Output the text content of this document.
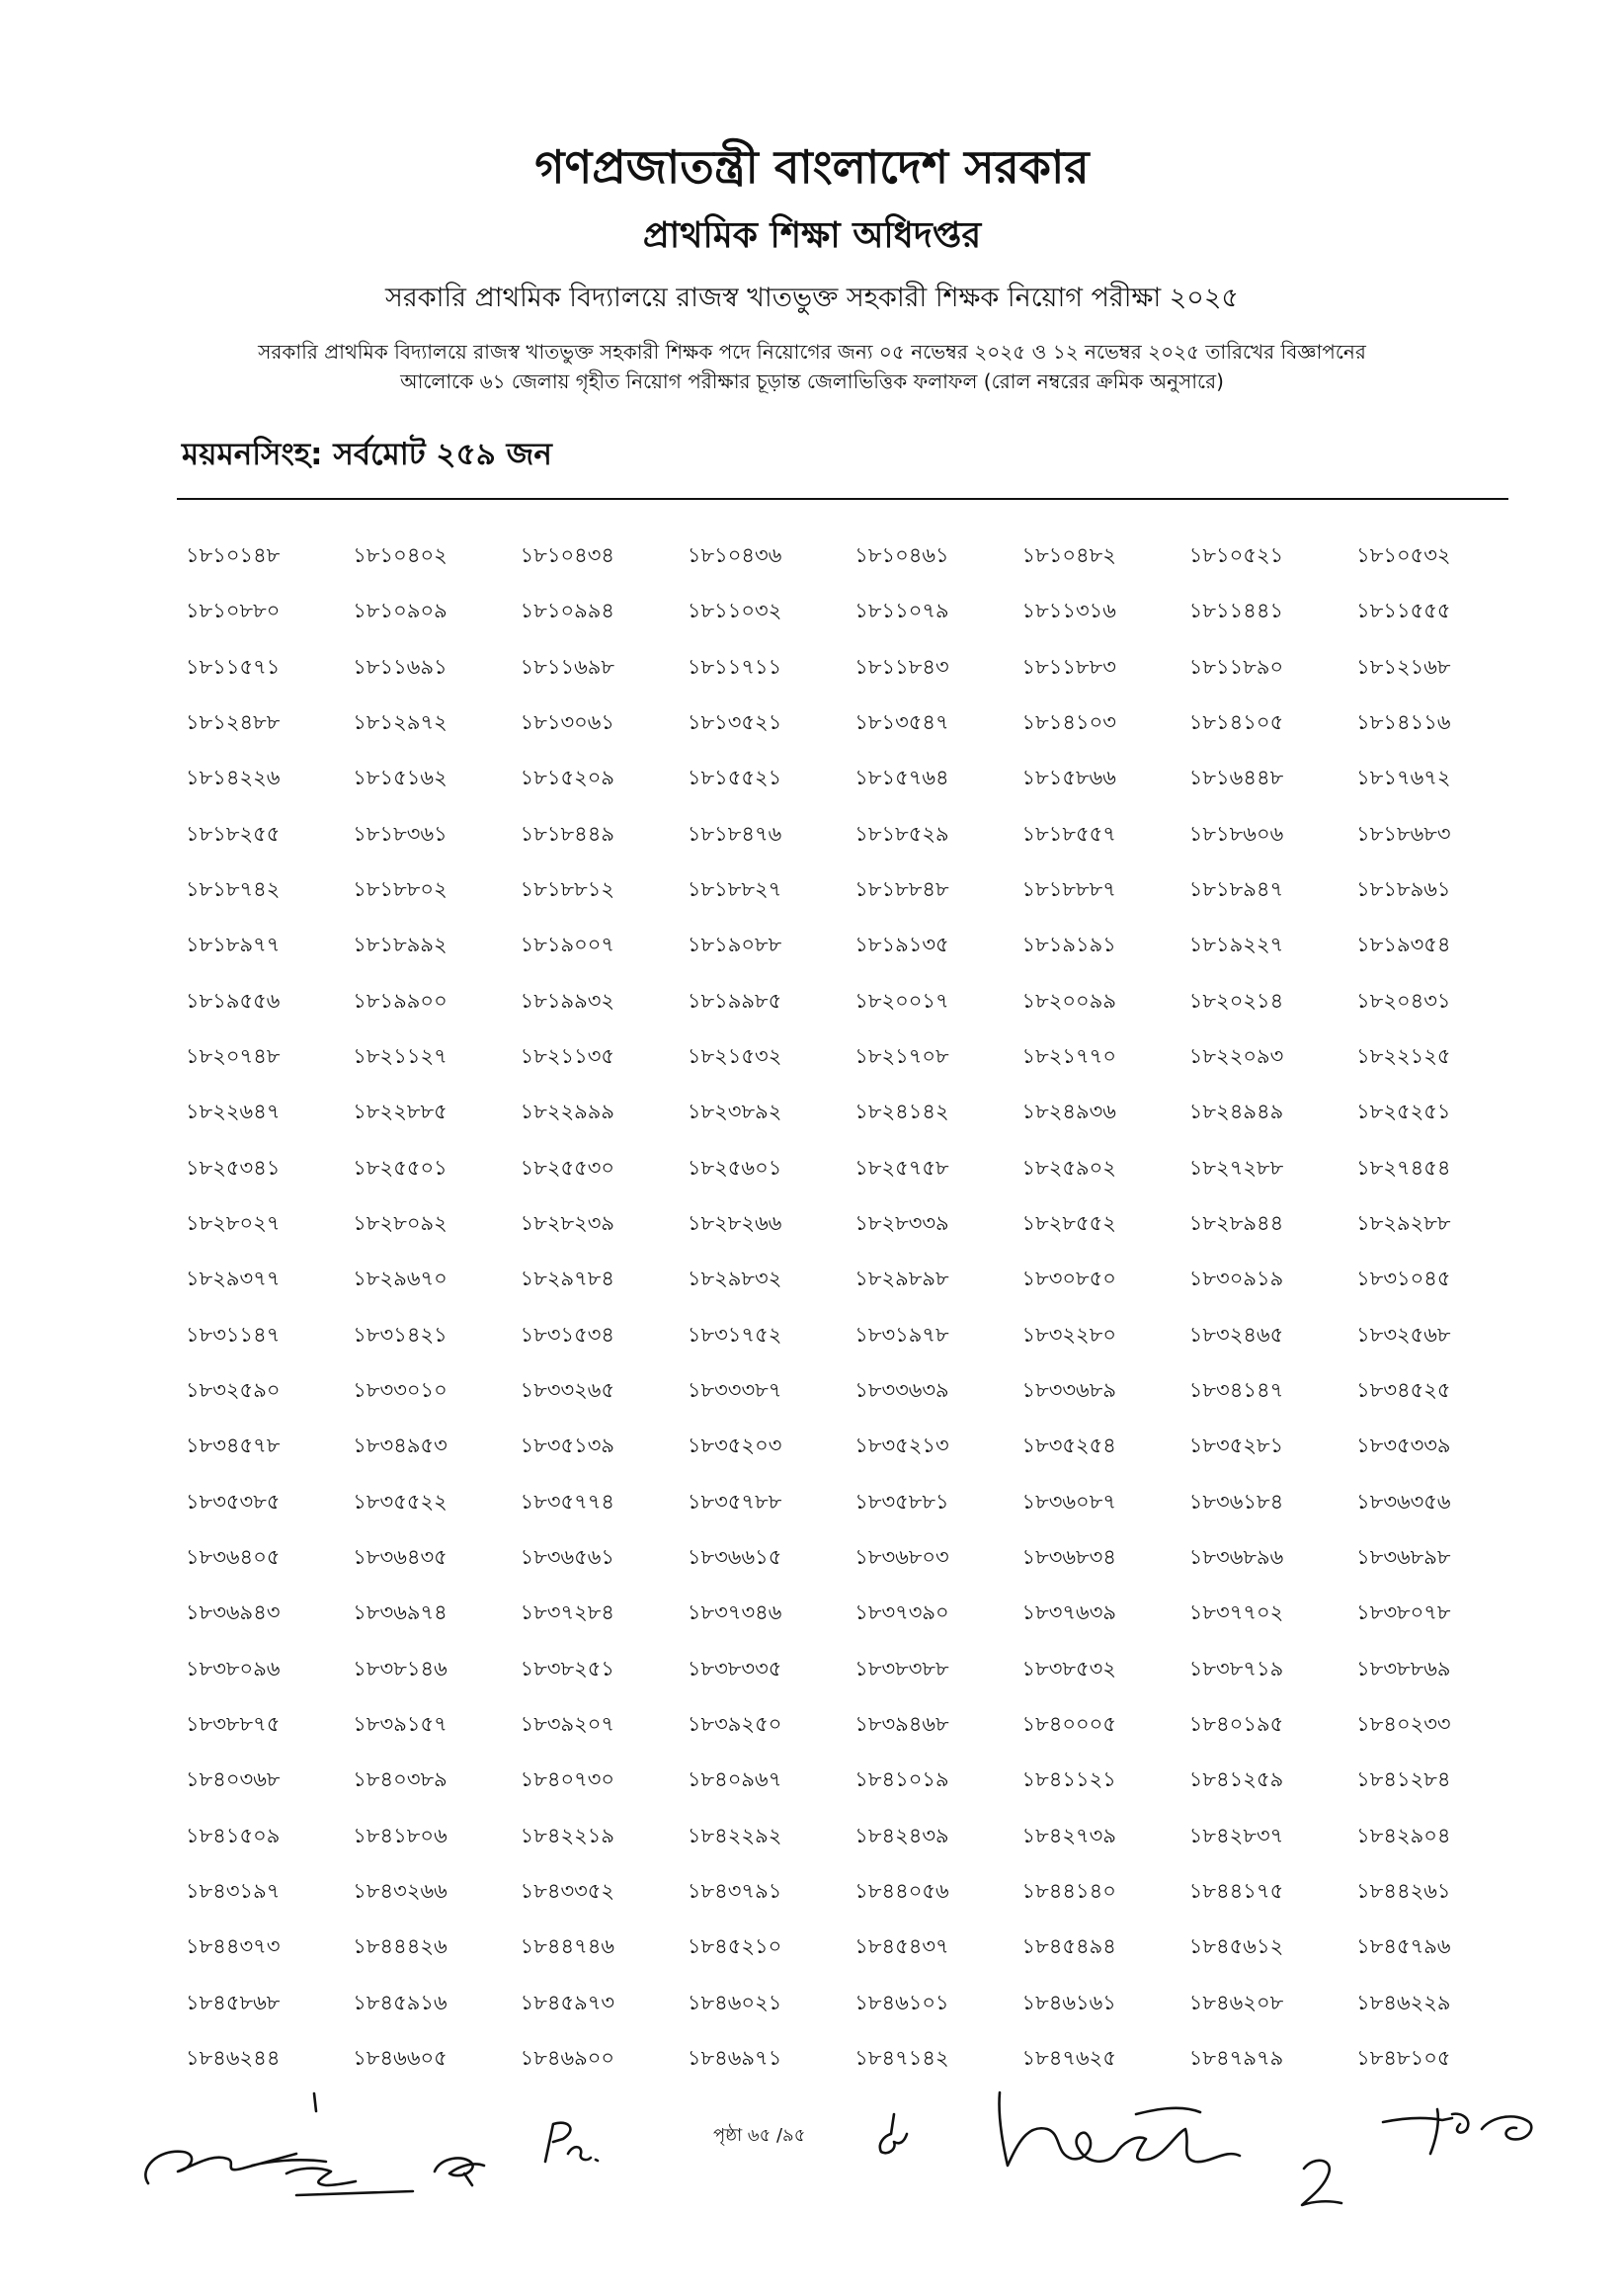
গণপ্রজাতন্ত্রী বাংলাদেশ সরকার
প্রাথমিক শিক্ষা অধিদপ্তর
সরকারি প্রাথমিক বিদ্যালয়ে রাজস্ব খাতভুক্ত সহকারী শিক্ষক নিয়োগ পরীক্ষা ২০২৫
সরকারি প্রাথমিক বিদ্যালয়ে রাজস্ব খাতভুক্ত সহকারী শিক্ষক পদে নিয়োগের জন্য ০৫ নভেম্বর ২০২৫ ও ১২ নভেম্বর ২০২৫ তারিখের বিজ্ঞাপনের
আলোকে ৬১ জেলায় গৃহীত নিয়োগ পরীক্ষার চূড়ান্ত জেলাভিত্তিক ফলাফল (রোল নম্বরের ক্রমিক অনুসারে)
ময়মনসিংহ: সর্বমোট ২৫৯ জন
১৮১০১৪৮	১৮১০৪০২	১৮১০৪৩৪	১৮১০৪৩৬	১৮১০৪৬১	১৮১০৪৮২	১৮১০৫২১	১৮১০৫৩২
১৮১০৮৮০	১৮১০৯০৯	১৮১০৯৯৪	১৮১১০৩২	১৮১১০৭৯	১৮১১৩১৬	১৮১১৪৪১	১৮১১৫৫৫
১৮১১৫৭১	১৮১১৬৯১	১৮১১৬৯৮	১৮১১৭১১	১৮১১৮৪৩	১৮১১৮৮৩	১৮১১৮৯০	১৮১২১৬৮
১৮১২৪৮৮	১৮১২৯৭২	১৮১৩০৬১	১৮১৩৫২১	১৮১৩৫৪৭	১৮১৪১০৩	১৮১৪১০৫	১৮১৪১১৬
১৮১৪২২৬	১৮১৫১৬২	১৮১৫২০৯	১৮১৫৫২১	১৮১৫৭৬৪	১৮১৫৮৬৬	১৮১৬৪৪৮	১৮১৭৬৭২
১৮১৮২৫৫	১৮১৮৩৬১	১৮১৮৪৪৯	১৮১৮৪৭৬	১৮১৮৫২৯	১৮১৮৫৫৭	১৮১৮৬০৬	১৮১৮৬৮৩
১৮১৮৭৪২	১৮১৮৮০২	১৮১৮৮১২	১৮১৮৮২৭	১৮১৮৮৪৮	১৮১৮৮৮৭	১৮১৮৯৪৭	১৮১৮৯৬১
১৮১৮৯৭৭	১৮১৮৯৯২	১৮১৯০০৭	১৮১৯০৮৮	১৮১৯১৩৫	১৮১৯১৯১	১৮১৯২২৭	১৮১৯৩৫৪
১৮১৯৫৫৬	১৮১৯৯০০	১৮১৯৯৩২	১৮১৯৯৮৫	১৮২০০১৭	১৮২০০৯৯	১৮২০২১৪	১৮২০৪৩১
১৮২০৭৪৮	১৮২১১২৭	১৮২১১৩৫	১৮২১৫৩২	১৮২১৭০৮	১৮২১৭৭০	১৮২২০৯৩	১৮২২১২৫
১৮২২৬৪৭	১৮২২৮৮৫	১৮২২৯৯৯	১৮২৩৮৯২	১৮২৪১৪২	১৮২৪৯৩৬	১৮২৪৯৪৯	১৮২৫২৫১
১৮২৫৩৪১	১৮২৫৫০১	১৮২৫৫৩০	১৮২৫৬০১	১৮২৫৭৫৮	১৮২৫৯০২	১৮২৭২৮৮	১৮২৭৪৫৪
১৮২৮০২৭	১৮২৮০৯২	১৮২৮২৩৯	১৮২৮২৬৬	১৮২৮৩৩৯	১৮২৮৫৫২	১৮২৮৯৪৪	১৮২৯২৮৮
১৮২৯৩৭৭	১৮২৯৬৭০	১৮২৯৭৮৪	১৮২৯৮৩২	১৮২৯৮৯৮	১৮৩০৮৫০	১৮৩০৯১৯	১৮৩১০৪৫
১৮৩১১৪৭	১৮৩১৪২১	১৮৩১৫৩৪	১৮৩১৭৫২	১৮৩১৯৭৮	১৮৩২২৮০	১৮৩২৪৬৫	১৮৩২৫৬৮
১৮৩২৫৯০	১৮৩৩০১০	১৮৩৩২৬৫	১৮৩৩৩৮৭	১৮৩৩৬৩৯	১৮৩৩৬৮৯	১৮৩৪১৪৭	১৮৩৪৫২৫
১৮৩৪৫৭৮	১৮৩৪৯৫৩	১৮৩৫১৩৯	১৮৩৫২০৩	১৮৩৫২১৩	১৮৩৫২৫৪	১৮৩৫২৮১	১৮৩৫৩৩৯
১৮৩৫৩৮৫	১৮৩৫৫২২	১৮৩৫৭৭৪	১৮৩৫৭৮৮	১৮৩৫৮৮১	১৮৩৬০৮৭	১৮৩৬১৮৪	১৮৩৬৩৫৬
১৮৩৬৪০৫	১৮৩৬৪৩৫	১৮৩৬৫৬১	১৮৩৬৬১৫	১৮৩৬৮০৩	১৮৩৬৮৩৪	১৮৩৬৮৯৬	১৮৩৬৮৯৮
১৮৩৬৯৪৩	১৮৩৬৯৭৪	১৮৩৭২৮৪	১৮৩৭৩৪৬	১৮৩৭৩৯০	১৮৩৭৬৩৯	১৮৩৭৭০২	১৮৩৮০৭৮
১৮৩৮০৯৬	১৮৩৮১৪৬	১৮৩৮২৫১	১৮৩৮৩৩৫	১৮৩৮৩৮৮	১৮৩৮৫৩২	১৮৩৮৭১৯	১৮৩৮৮৬৯
১৮৩৮৮৭৫	১৮৩৯১৫৭	১৮৩৯২০৭	১৮৩৯২৫০	১৮৩৯৪৬৮	১৮৪০০০৫	১৮৪০১৯৫	১৮৪০২৩৩
১৮৪০৩৬৮	১৮৪০৩৮৯	১৮৪০৭৩০	১৮৪০৯৬৭	১৮৪১০১৯	১৮৪১১২১	১৮৪১২৫৯	১৮৪১২৮৪
১৮৪১৫০৯	১৮৪১৮০৬	১৮৪২২১৯	১৮৪২২৯২	১৮৪২৪৩৯	১৮৪২৭৩৯	১৮৪২৮৩৭	১৮৪২৯০৪
১৮৪৩১৯৭	১৮৪৩২৬৬	১৮৪৩৩৫২	১৮৪৩৭৯১	১৮৪৪০৫৬	১৮৪৪১৪০	১৮৪৪১৭৫	১৮৪৪২৬১
১৮৪৪৩৭৩	১৮৪৪৪২৬	১৮৪৪৭৪৬	১৮৪৫২১০	১৮৪৫৪৩৭	১৮৪৫৪৯৪	১৮৪৫৬১২	১৮৪৫৭৯৬
১৮৪৫৮৬৮	১৮৪৫৯১৬	১৮৪৫৯৭৩	১৮৪৬০২১	১৮৪৬১০১	১৮৪৬১৬১	১৮৪৬২০৮	১৮৪৬২২৯
১৮৪৬২৪৪	১৮৪৬৬০৫	১৮৪৬৯০০	১৮৪৬৯৭১	১৮৪৭১৪২	১৮৪৭৬২৫	১৮৪৭৯৭৯	১৮৪৮১০৫
পৃষ্ঠা ৬৫ /৯৫
